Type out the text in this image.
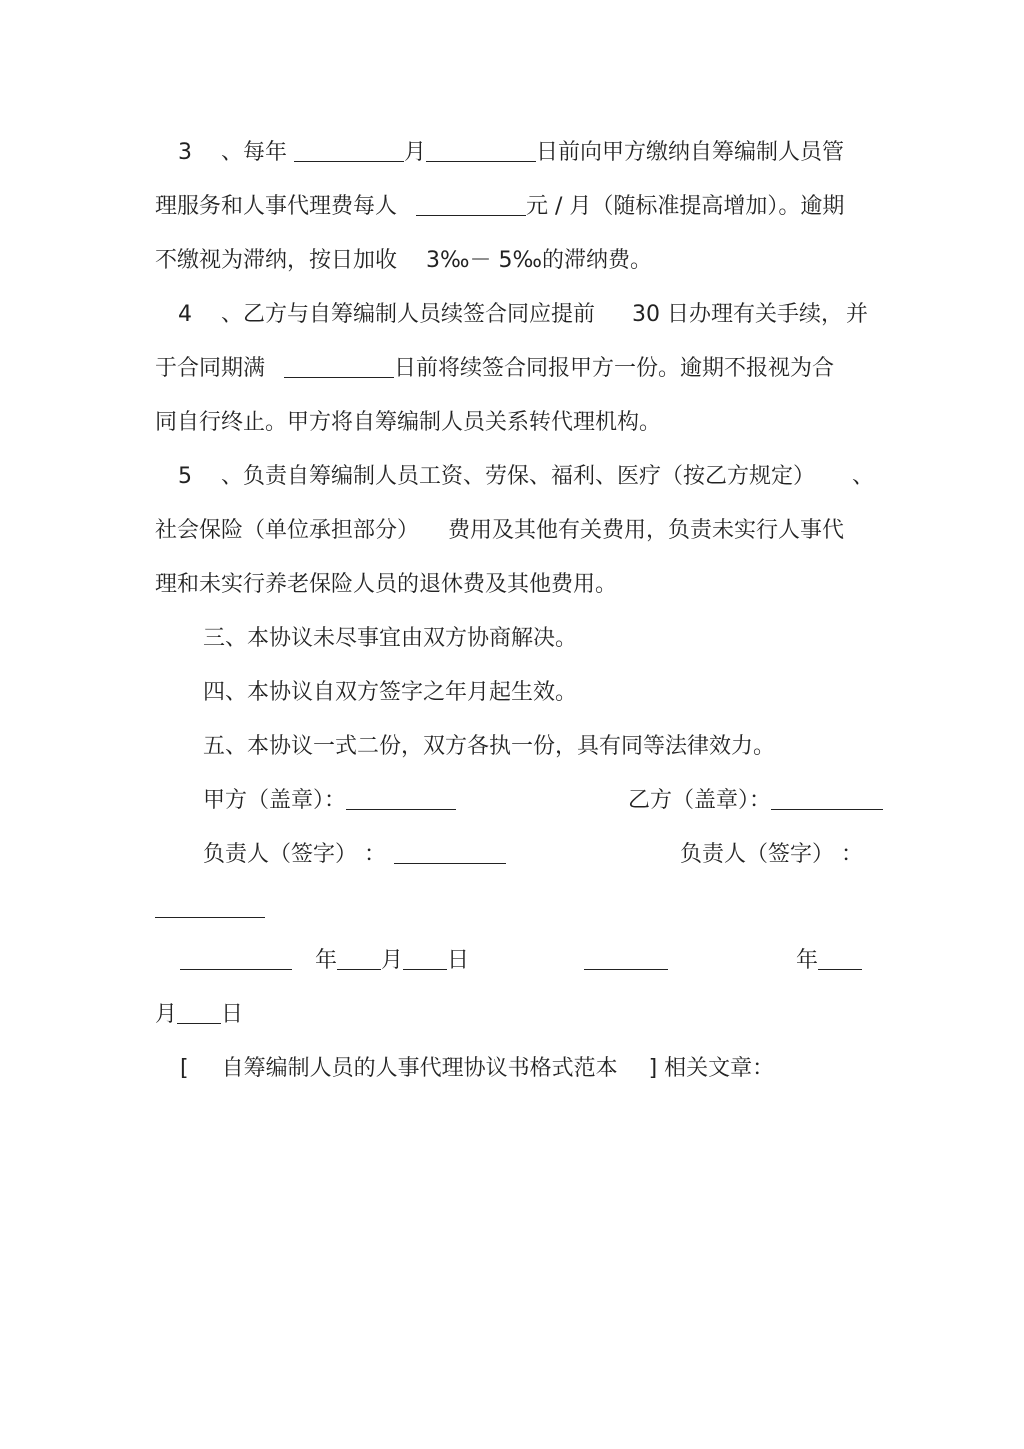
3 、每年	月	日前向甲方缴纳自筹编制人员管
理服务和人事代理费每人	元 / 月（随标准提高增加）。逾期
不缴视为滞纳，按日加收 3‰－ 5‰的滞纳费。
4 、乙方与自筹编制人员续签合同应提前 30 日办理有关手续， 并
于合同期满	日前将续签合同报甲方一份。逾期不报视为合
同自行终止。甲方将自筹编制人员关系转代理机构。
5 、负责自筹编制人员工资、劳保、福利、医疗（按乙方规定） 、
社会保险（单位承担部分） 费用及其他有关费用，负责未实行人事代
理和未实行养老保险人员的退休费及其他费用。
三、本协议未尽事宜由双方协商解决。
四、本协议自双方签字之年月起生效。
五、本协议一式二份，双方各执一份，具有同等法律效力。
甲方（盖章）：	乙方（盖章）：
负责人（签字） ：	负责人（签字） ：
年 月 日	年
月 日
[ 自筹编制人员的人事代理协议书格式范本 ] 相关文章：
